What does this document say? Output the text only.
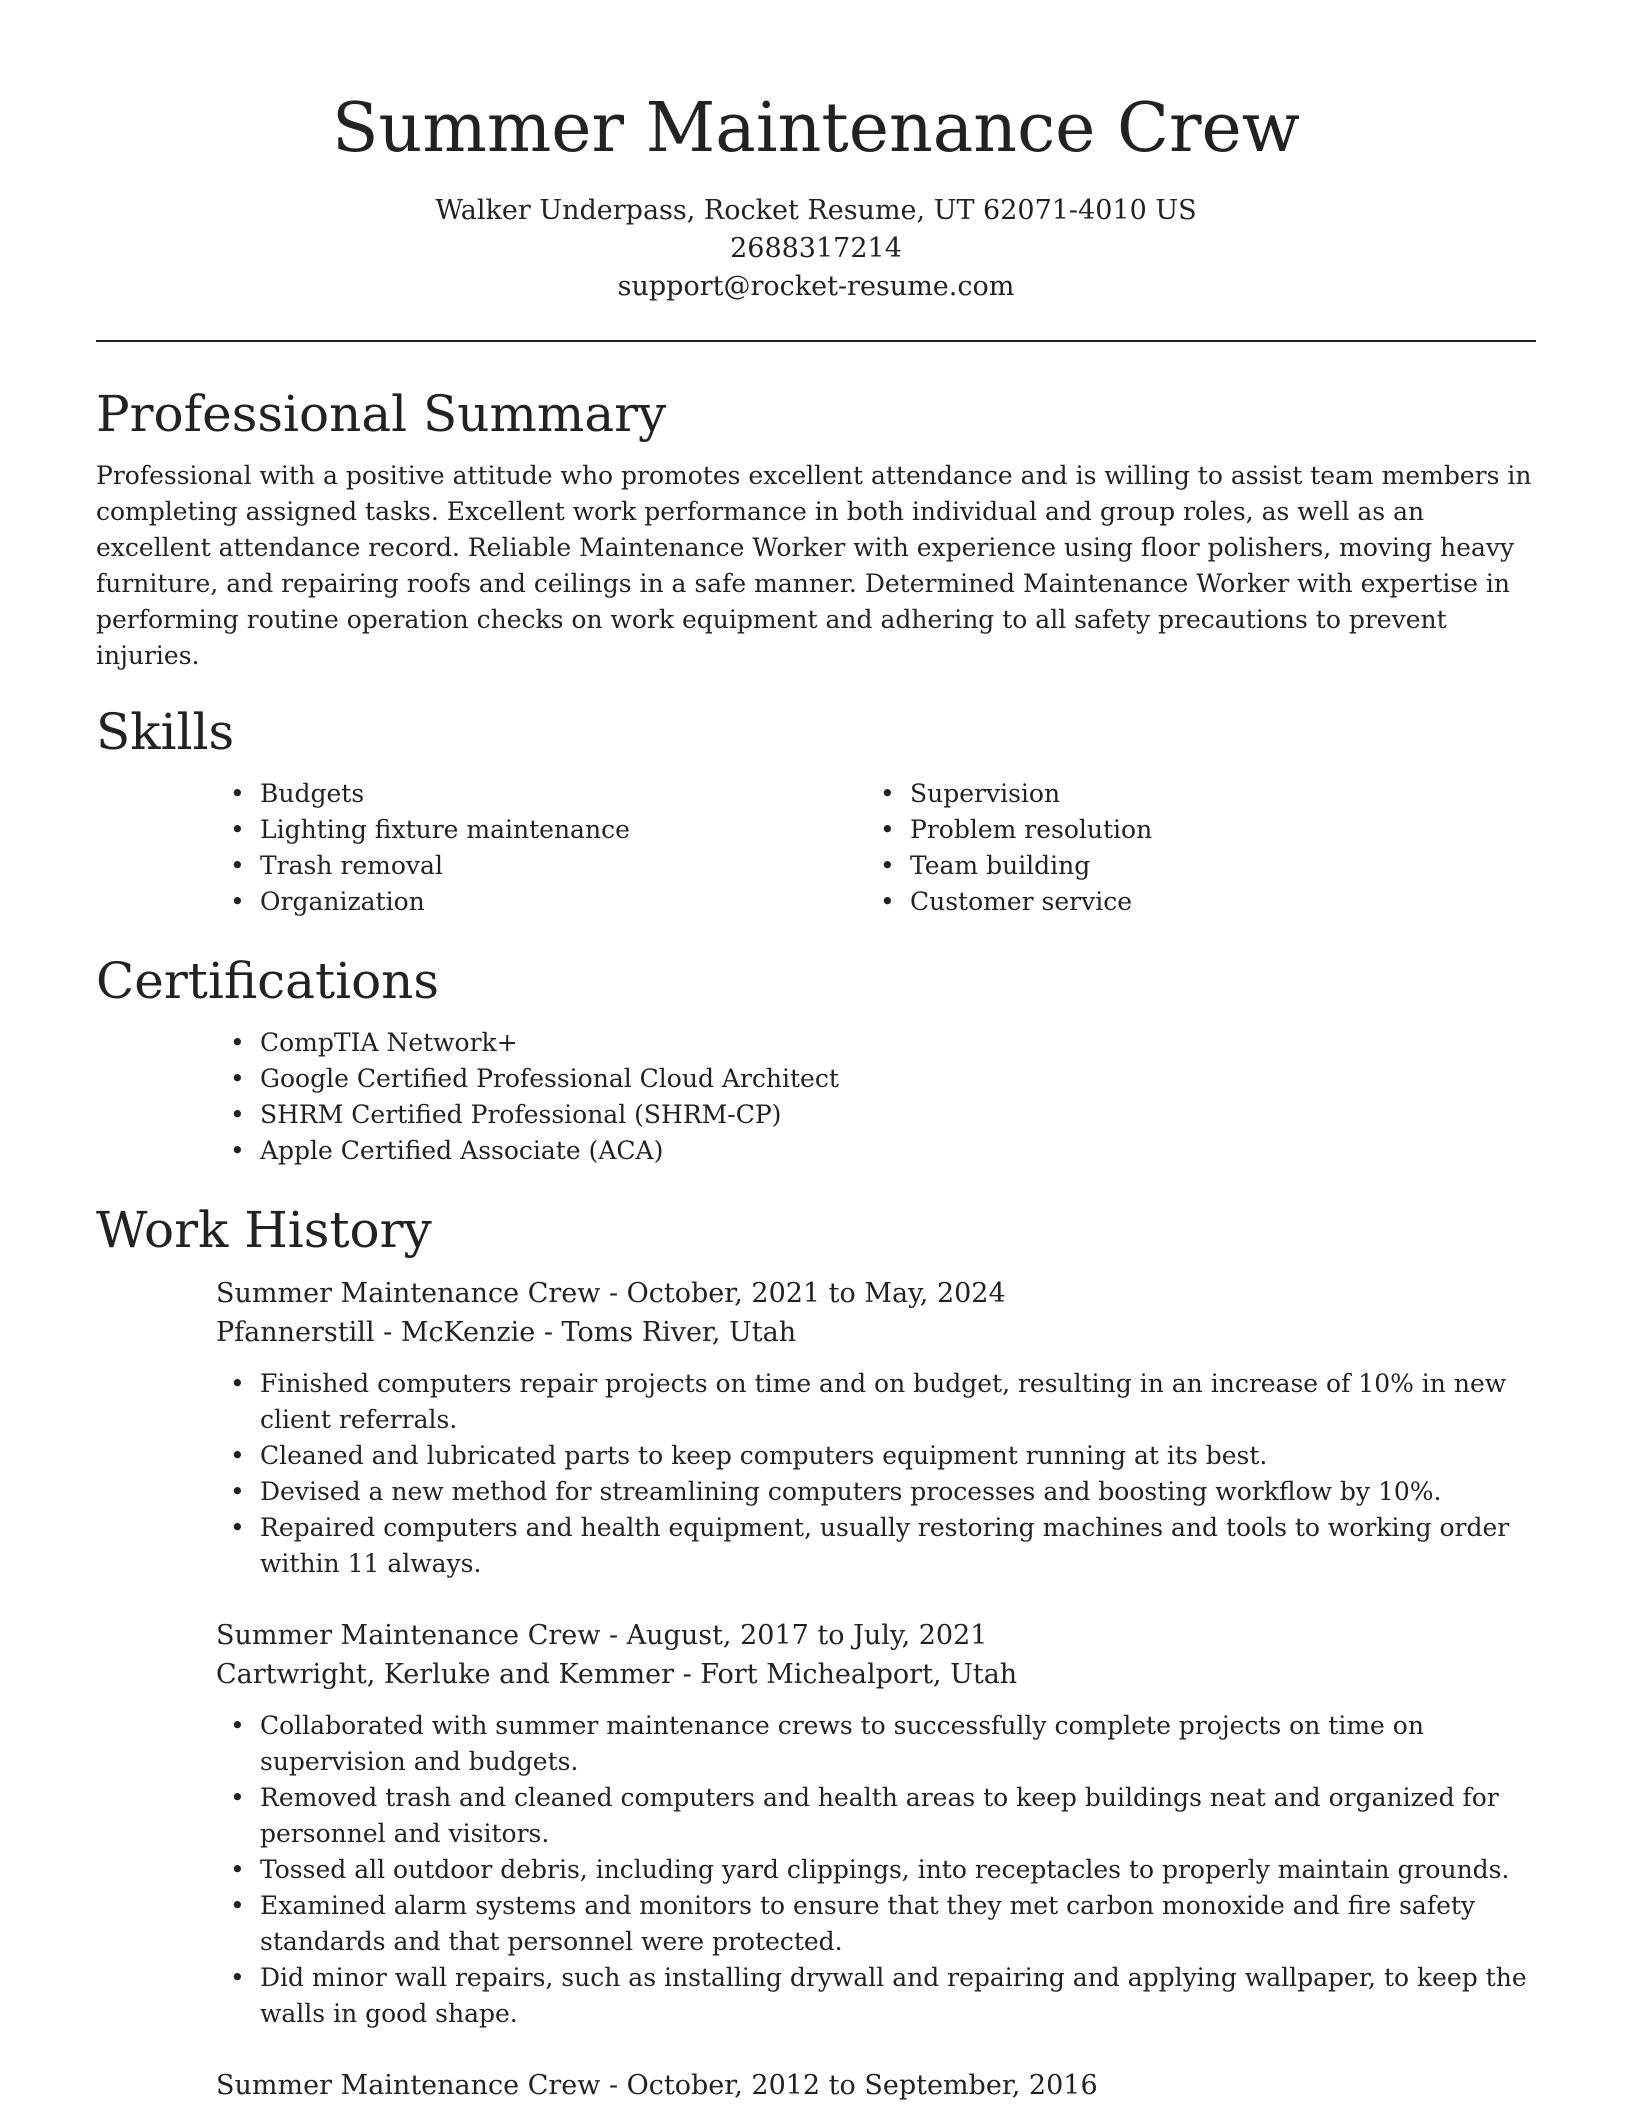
Summer Maintenance Crew
Walker Underpass, Rocket Resume, UT 62071-4010 US
2688317214
support@rocket-resume.com
Professional Summary

Professional with a positive attitude who promotes excellent attendance and is willing to assist team members in completing assigned tasks. Excellent work performance in both individual and group roles, as well as an excellent attendance record. Reliable Maintenance Worker with experience using floor polishers, moving heavy furniture, and repairing roofs and ceilings in a safe manner. Determined Maintenance Worker with expertise in performing routine operation checks on work equipment and adhering to all safety precautions to prevent injuries.

Skills
• Budgets
• Lighting fixture maintenance
• Trash removal
• Organization
• Supervision
• Problem resolution
• Team building
• Customer service
Certifications
• CompTIA Network+
• Google Certified Professional Cloud Architect
• SHRM Certified Professional (SHRM-CP)
• Apple Certified Associate (ACA)
Work History
Summer Maintenance Crew - October, 2021 to May, 2024
Pfannerstill - McKenzie - Toms River, Utah
• Finished computers repair projects on time and on budget, resulting in an increase of 10% in new client referrals.
• Cleaned and lubricated parts to keep computers equipment running at its best.
• Devised a new method for streamlining computers processes and boosting workflow by 10%.
• Repaired computers and health equipment, usually restoring machines and tools to working order within 11 always.
Summer Maintenance Crew - August, 2017 to July, 2021
Cartwright, Kerluke and Kemmer - Fort Michealport, Utah
• Collaborated with summer maintenance crews to successfully complete projects on time on supervision and budgets.
• Removed trash and cleaned computers and health areas to keep buildings neat and organized for personnel and visitors.
• Tossed all outdoor debris, including yard clippings, into receptacles to properly maintain grounds.
• Examined alarm systems and monitors to ensure that they met carbon monoxide and fire safety standards and that personnel were protected.
• Did minor wall repairs, such as installing drywall and repairing and applying wallpaper, to keep the walls in good shape.
Summer Maintenance Crew - October, 2012 to September, 2016
